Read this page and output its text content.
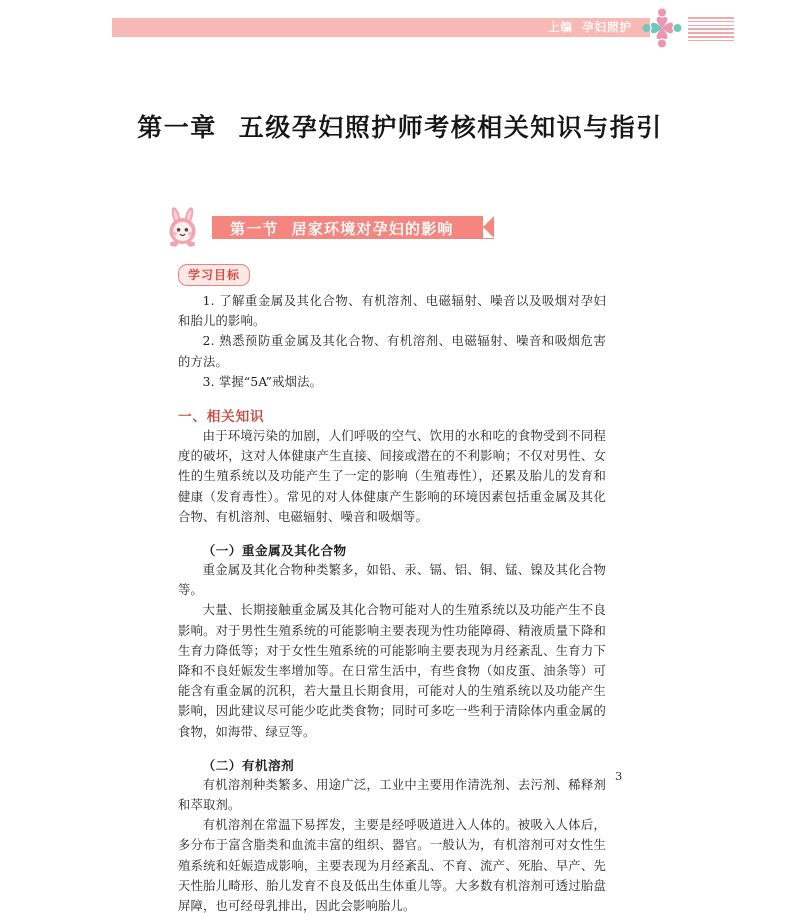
上编 孕妇照护
第一章 五级孕妇照护师考核相关知识与指引
第一节 居家环境对孕妇的影响
学习目标

1. 了解重金属及其化合物、有机溶剂、电磁辐射、噪音以及吸烟对孕妇和胎儿的影响。

2. 熟悉预防重金属及其化合物、有机溶剂、电磁辐射、噪音和吸烟危害的方法。

3. 掌握“5A”戒烟法。

一、相关知识

由于环境污染的加剧，人们呼吸的空气、饮用的水和吃的食物受到不同程度的破坏，这对人体健康产生直接、间接或潜在的不利影响；不仅对男性、女性的生殖系统以及功能产生了一定的影响（生殖毒性），还累及胎儿的发育和健康（发育毒性）。常见的对人体健康产生影响的环境因素包括重金属及其化合物、有机溶剂、电磁辐射、噪音和吸烟等。

（一）重金属及其化合物

重金属及其化合物种类繁多，如铅、汞、镉、铝、铜、锰、镍及其化合物等。

大量、长期接触重金属及其化合物可能对人的生殖系统以及功能产生不良影响。对于男性生殖系统的可能影响主要表现为性功能障碍、精液质量下降和生育力降低等；对于女性生殖系统的可能影响主要表现为月经紊乱、生育力下降和不良妊娠发生率增加等。在日常生活中，有些食物（如皮蛋、油条等）可能含有重金属的沉积，若大量且长期食用，可能对人的生殖系统以及功能产生影响，因此建议尽可能少吃此类食物；同时可多吃一些利于清除体内重金属的食物，如海带、绿豆等。

（二）有机溶剂

有机溶剂种类繁多、用途广泛，工业中主要用作清洗剂、去污剂、稀释剂和萃取剂。

有机溶剂在常温下易挥发，主要是经呼吸道进入人体的。被吸入人体后，多分布于富含脂类和血流丰富的组织、器官。一般认为，有机溶剂可对女性生殖系统和妊娠造成影响，主要表现为月经紊乱、不育、流产、死胎、早产、先天性胎儿畸形、胎儿发育不良及低出生体重儿等。大多数有机溶剂可透过胎盘屏障，也可经母乳排出，因此会影响胎儿。

3
